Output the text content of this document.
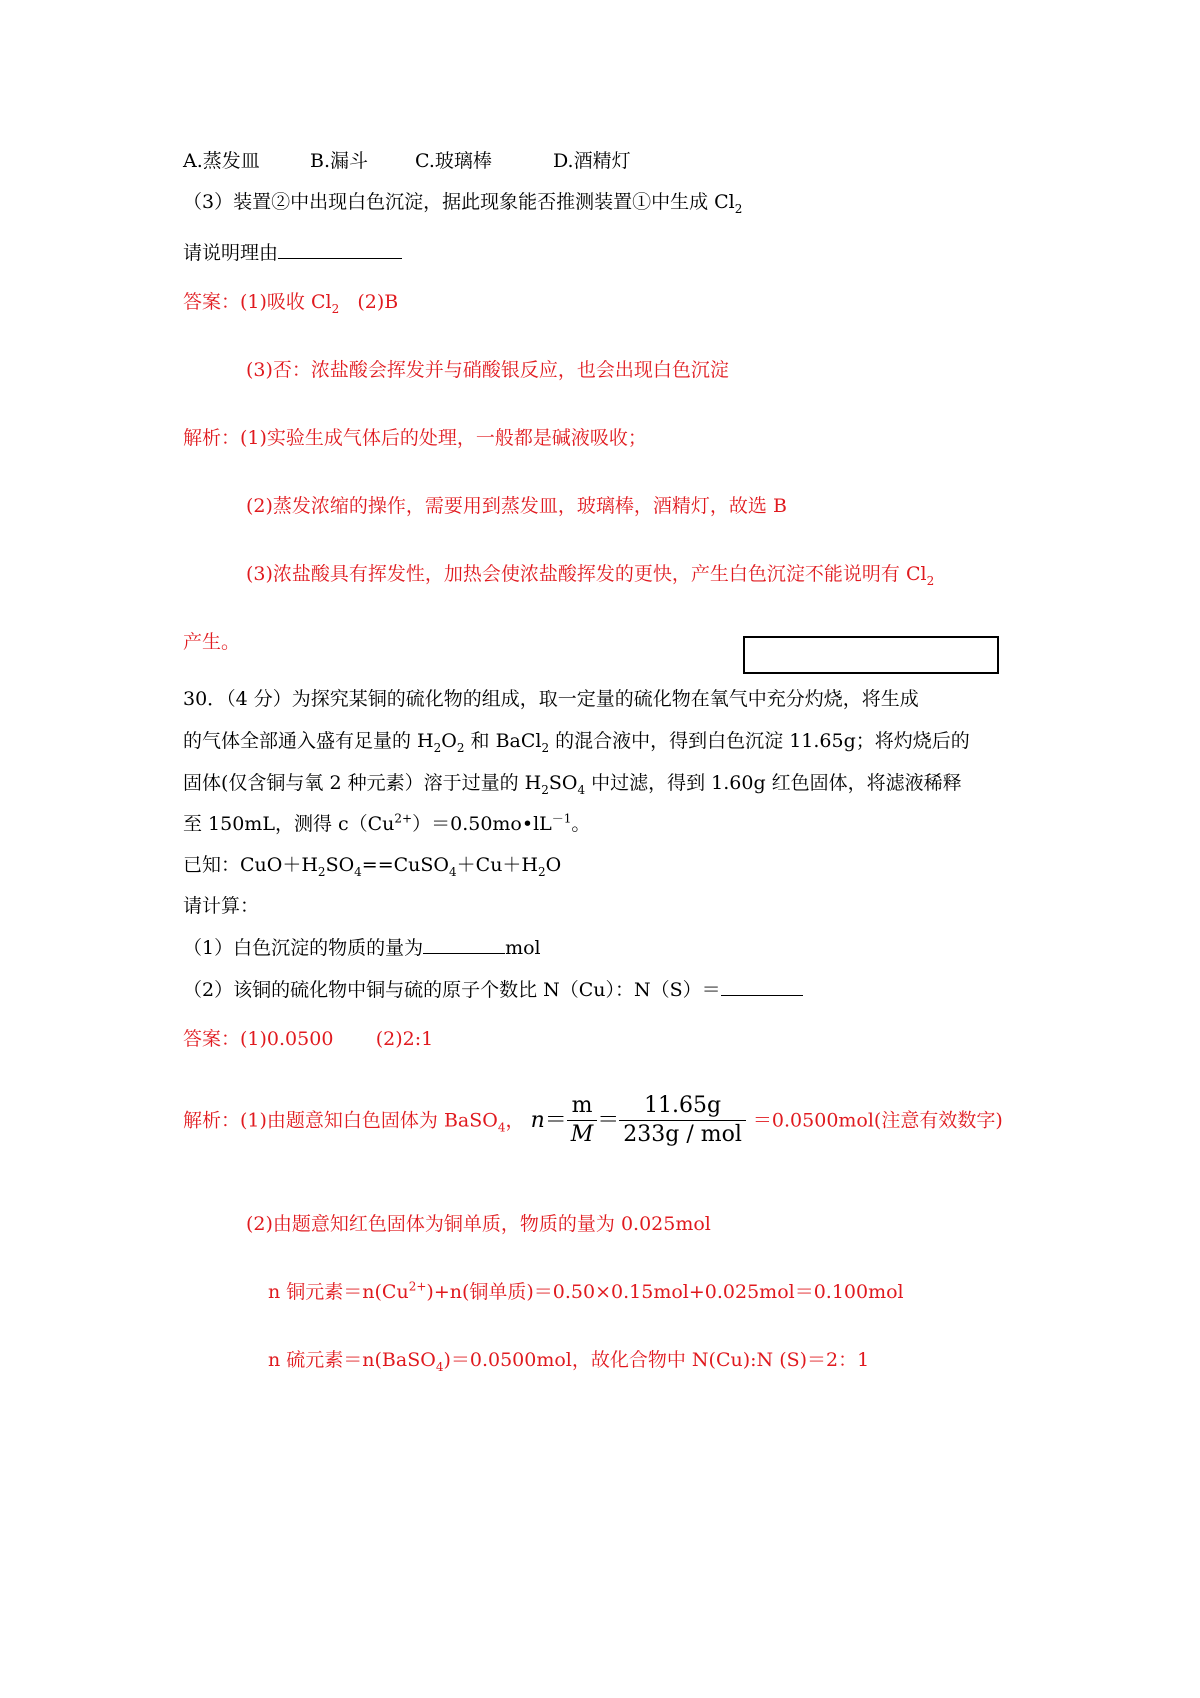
A.蒸发皿	B.漏斗 C.玻璃棒	D.酒精灯
（3）装置②中出现白色沉淀，据此现象能否推测装置①中生成 $Cl_2$
请说明理由
答案：(1)吸收 $Cl_2$ (2)B
(3)否：浓盐酸会挥发并与硝酸银反应，也会出现白色沉淀
解析：(1)实验生成气体后的处理，一般都是碱液吸收；
(2)蒸发浓缩的操作，需要用到蒸发皿，玻璃棒，酒精灯，故选 B
(3)浓盐酸具有挥发性，加热会使浓盐酸挥发的更快，产生白色沉淀不能说明有 $Cl_2$
产生。
30．（4 分）为探究某铜的硫化物的组成，取一定量的硫化物在氧气中充分灼烧，将生成
的气体全部通入盛有足量的 $H_2O_2$ 和 BaCl$_2$ 的混合液中，得到白色沉淀 11.65g；将灼烧后的
固体(仅含铜与氧 2 种元素）溶于过量的 $H_2SO_4$ 中过滤，得到 1.60g 红色固体，将滤液稀释
至 150mL，测得 $c(Cu^{2+})=0.50mo•lL^{-1}$。
已知：$CuO+H_2SO_4==CuSO_4+Cu+H_2O$
请计算：
（1）白色沉淀的物质的量为	mol
（2）该铜的硫化物中铜与硫的原子个数比 N（Cu）：N（S）＝
答案：(1)0.0500 (2)2:1
解析：(1)由题意知白色固体为 BaSO$_4$， $n= \frac{m}{M} = \frac{11.65g}{\text{233g / mol}} =0.0500mol$(注意有效数字)
(2)由题意知红色固体为铜单质，物质的量为 0.025mol
n 铜元素$=n(Cu^{2+})+n$(铜单质)＝0.50×0.15mol+0.025mol＝0.100mol
n 硫元素＝n(BaSO$_4$)＝0.0500mol，故化合物中 N(Cu):N (S)＝2：1
